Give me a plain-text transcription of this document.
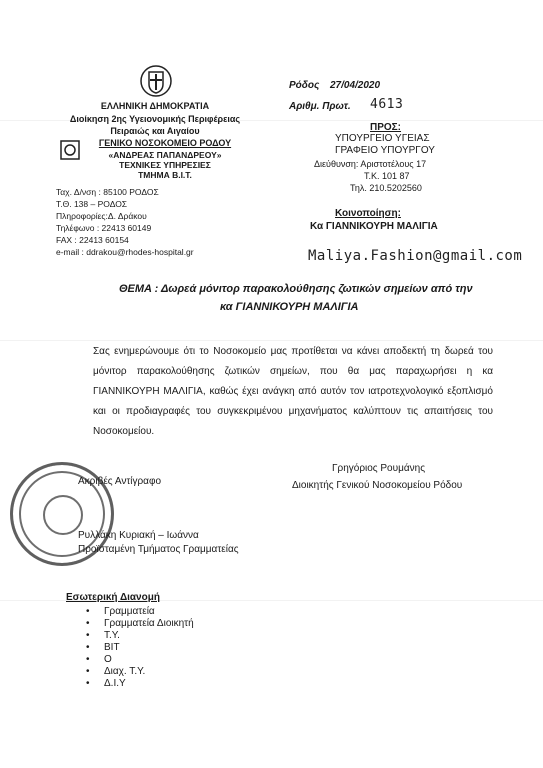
ΕΛΛΗΝΙΚΗ ΔΗΜΟΚΡΑΤΙΑ
Διοίκηση 2ης Υγειονομικής Περιφέρειας
Πειραιώς και Αιγαίου
ΓΕΝΙΚΟ ΝΟΣΟΚΟΜΕΙΟ ΡΟΔΟΥ
«ΑΝΔΡΕΑΣ ΠΑΠΑΝΔΡΕΟΥ»
ΤΕΧΝΙΚΕΣ ΥΠΗΡΕΣΙΕΣ
ΤΜΗΜΑ Β.Ι.Τ.
Ταχ. Δ/νση : 85100 ΡΟΔΟΣ
Τ.Θ. 138 – ΡΟΔΟΣ
Πληροφορίες:Δ. Δράκου
Τηλέφωνο : 22413 60149
FAX : 22413 60154
e-mail : ddrakou@rhodes-hospital.gr
Ρόδος 27/04/2020
Αριθμ. Πρωτ. 4613
ΠΡΟΣ:
ΥΠΟΥΡΓΕΙΟ ΥΓΕΙΑΣ
ΓΡΑΦΕΙΟ ΥΠΟΥΡΓΟΥ
Διεύθυνση: Αριστοτέλους 17
Τ.Κ. 101 87
Τηλ. 210.5202560
Κοινοποίηση:
Κα ΓΙΑΝΝΙΚΟΥΡΗ ΜΑΛΙΓΙΑ
Maliya.Fashion@gmail.com
ΘΕΜΑ : Δωρεά μόνιτορ παρακολούθησης ζωτικών σημείων από την
κα ΓΙΑΝΝΙΚΟΥΡΗ ΜΑΛΙΓΙΑ
Σας ενημερώνουμε ότι το Νοσοκομείο μας προτίθεται να κάνει αποδεκτή τη δωρεά του μόνιτορ παρακολούθησης ζωτικών σημείων, που θα μας παραχωρήσει η κα ΓΙΑΝΝΙΚΟΥΡΗ ΜΑΛΙΓΙΑ, καθώς έχει ανάγκη από αυτόν τον ιατροτεχνολογικό εξοπλισμό και οι προδιαγραφές του συγκεκριμένου μηχανήματος καλύπτουν τις απαιτήσεις του Νοσοκομείου.
Ακριβές Αντίγραφο
Γρηγόριος Ρουμάνης
Διοικητής Γενικού Νοσοκομείου Ρόδου
Ρυλλάκη Κυριακή – Ιωάννα
Προϊσταμένη Τμήματος Γραμματείας
Εσωτερική Διανομή
• Γραμματεία
• Γραμματεία Διοικητή
• Τ.Υ.
• ΒΙΤ
• Ο
• Διαχ. Τ.Υ.
• Δ.Ι.Υ
